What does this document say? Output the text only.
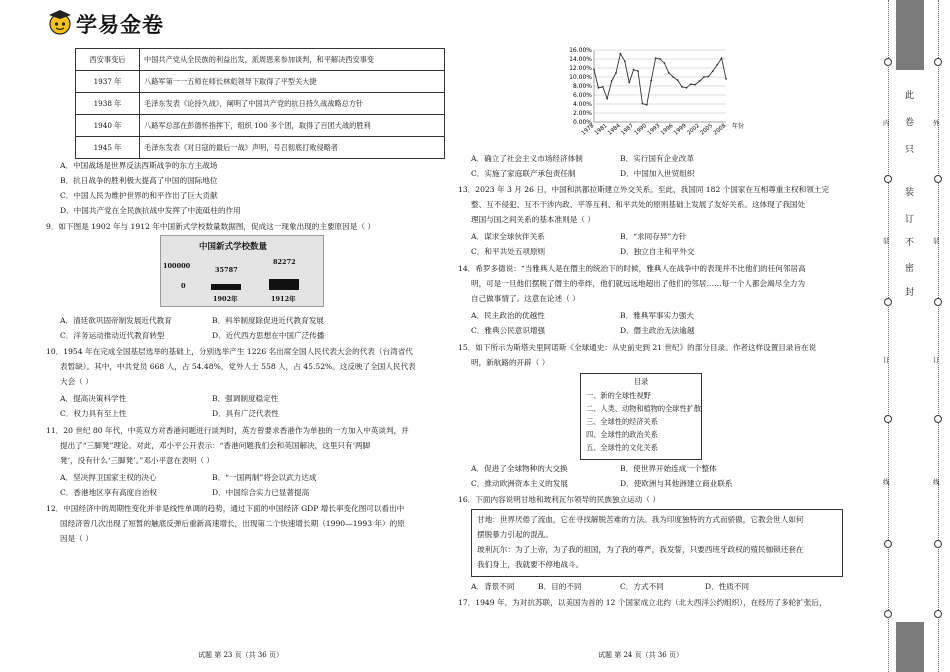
学易金卷
西安事变后	中国共产党从全民族的利益出发，派周恩来参加谈判，和平解决西安事变
1937 年	八路军第一一五师在师长林彪领导下取得了平型关大捷
1938 年	毛泽东发表《论持久战》，阐明了中国共产党的抗日持久战战略总方针
1940 年	八路军总部在彭德怀指挥下，组织 100 多个团，取得了百团大战的胜利
1945 年	毛泽东发表《对日寇的最后一战》声明，号召彻底打败侵略者
A．中国战场是世界反法西斯战争的东方主战场
B．抗日战争的胜利极大提高了中国的国际地位
C．中国人民为维护世界的和平作出了巨大贡献
D．中国共产党在全民族抗战中发挥了中流砥柱的作用
9．如下图是 1902 年与 1912 年中国新式学校数量数据图，促成这一现象出现的主要原因是（ ）
中国新式学校数量
100000
0
35787
82272
1902年	1912年
A．清廷欲巩固帝制发展近代教育	B．科举制度除促进近代教育发展
C．洋务运动推动近代教育转型	D．近代西方思想在中国广泛传播
10．1954 年在完成全国基层选举的基础上，分别选举产生 1226 名出席全国人民代表大会的代表（台湾省代
表暂缺）。其中，中共党员 668 人，占 54.48%，党外人士 558 人，占 45.52%。这反映了全国人民代表
大会（ ）
A．提高决策科学性	B．强调制度稳定性
C．权力具有至上性	D．具有广泛代表性
11．20 世纪 80 年代，中英双方对香港问题进行谈判时，英方曾要求香港作为单独的一方加入中英谈判，并
提出了“三脚凳”理论。对此，邓小平公开表示：“香港问题我们会和英国解决，这里只有‘两脚
凳’，没有什么‘三脚凳’。”邓小平意在表明（ ）
A．坚决捍卫国家主权的决心	B．“一国两制”将会以武力达成
C．香港地区享有高度自治权	D．中国综合实力已显著提高
12．中国经济中的周期性变化并非是线性单调的趋势，通过下面的中国经济 GDP 增长率变化图可以看出中
国经济曾几次出现了短暂的触底反弹后重新高速增长，出现第二个快速增长期（1990—1993 年）的原
因是（ ）
试题 第 23 页（共 36 页）
0.00%
2.00%
4.00%
6.00%
8.00%
10.00%
12.00%
14.00%
16.00%
1978
1981
1984
1987
1990
1993
1996
1999
2002
2005
2008 年份
A．确立了社会主义市场经济体制	B．实行国有企业改革
C．实施了家庭联产承包责任制	D．中国加入世贸组织
13．2023 年 3 月 26 日，中国和洪都拉斯建立外交关系。至此，我国同 182 个国家在互相尊重主权和领土完
整、互不侵犯、互不干涉内政、平等互利、和平共处的原则基础上发展了友好关系。这体现了我国处
理国与国之间关系的基本准则是（ ）
A．谋求全球伙伴关系	B．“求同存异”方针
C．和平共处五项原则	D．独立自主和平外交
14．希罗多德说：“当雅典人是在僭主的统治下的时候，雅典人在战争中的表现并不比他们的任何邻居高
明，可是一旦他们摆脱了僭主的牵绊，他们就远远地超出了他们的邻居……每一个人都会竭尽全力为
自己做事情了。这意在论述（ ）
A．民主政治的优越性	B．雅典军事实力强大
C．雅典公民意识增强	D．僭主政治无法逾越
15．如下所示为斯塔夫里阿诺斯《全球通史：从史前史到 21 世纪》的部分目录。作者这样设置目录旨在说
明，新航路的开辟（ ）
目录
一、新的全球性视野
二、人类、动物和植物的全球性扩散
三、全球性的经济关系
四、全球性的政治关系
五、全球性的文化关系
A．促进了全球物种的大交换	B．使世界开始连成一个整体
C．推动欧洲资本主义的发展	D．使欧洲与其他洲建立商业联系
16．下面内容说明甘地和玻利瓦尔领导的民族独立运动（ ）
甘地：世界厌倦了流血，它在寻找解脱苦难的方法。我为印度独特的方式而骄傲，它教会世人如何
摆脱暴力引起的混乱。
玻利瓦尔：为了上帝，为了我的祖国，为了我的尊严，我发誓，只要西班牙政权的殖民枷锁还套在
我们身上，我就要不停地战斗。
A．背景不同	B．目的不同	C．方式不同	D．性质不同
17．1949 年，为对抗苏联，以美国为首的 12 个国家成立北约（北大西洋公约组织），在经历了多轮扩张后，
试题 第 24 页（共 36 页）
此
卷
只
装
订
不
密
封
内
装
订
线
外
装
订
线
